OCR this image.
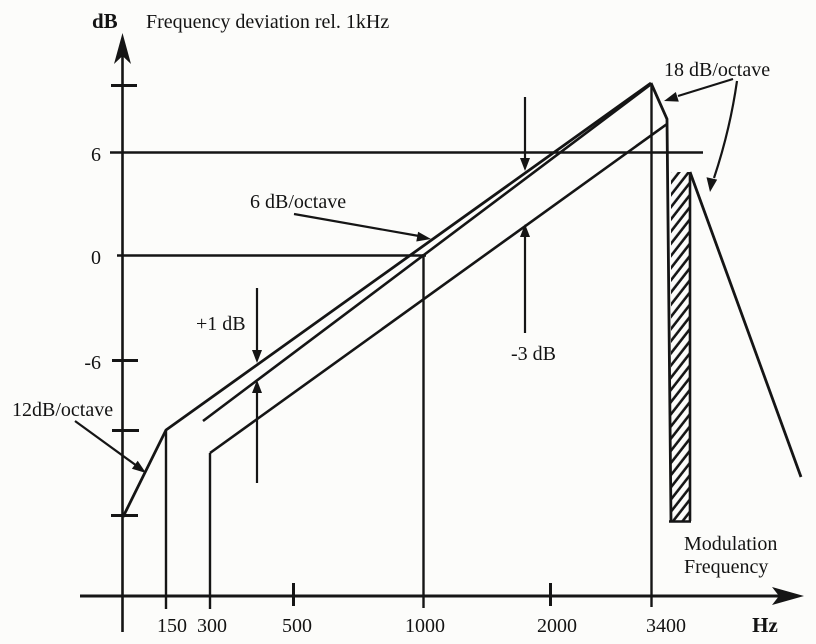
dB Frequency deviation rel. 1kHz
6
0
-6
150 300	500	1000	2000	3400	Hz
18 dB/octave
6 dB/octave
12dB/octave
+1 dB
-3 dB
Modulation
Frequency
